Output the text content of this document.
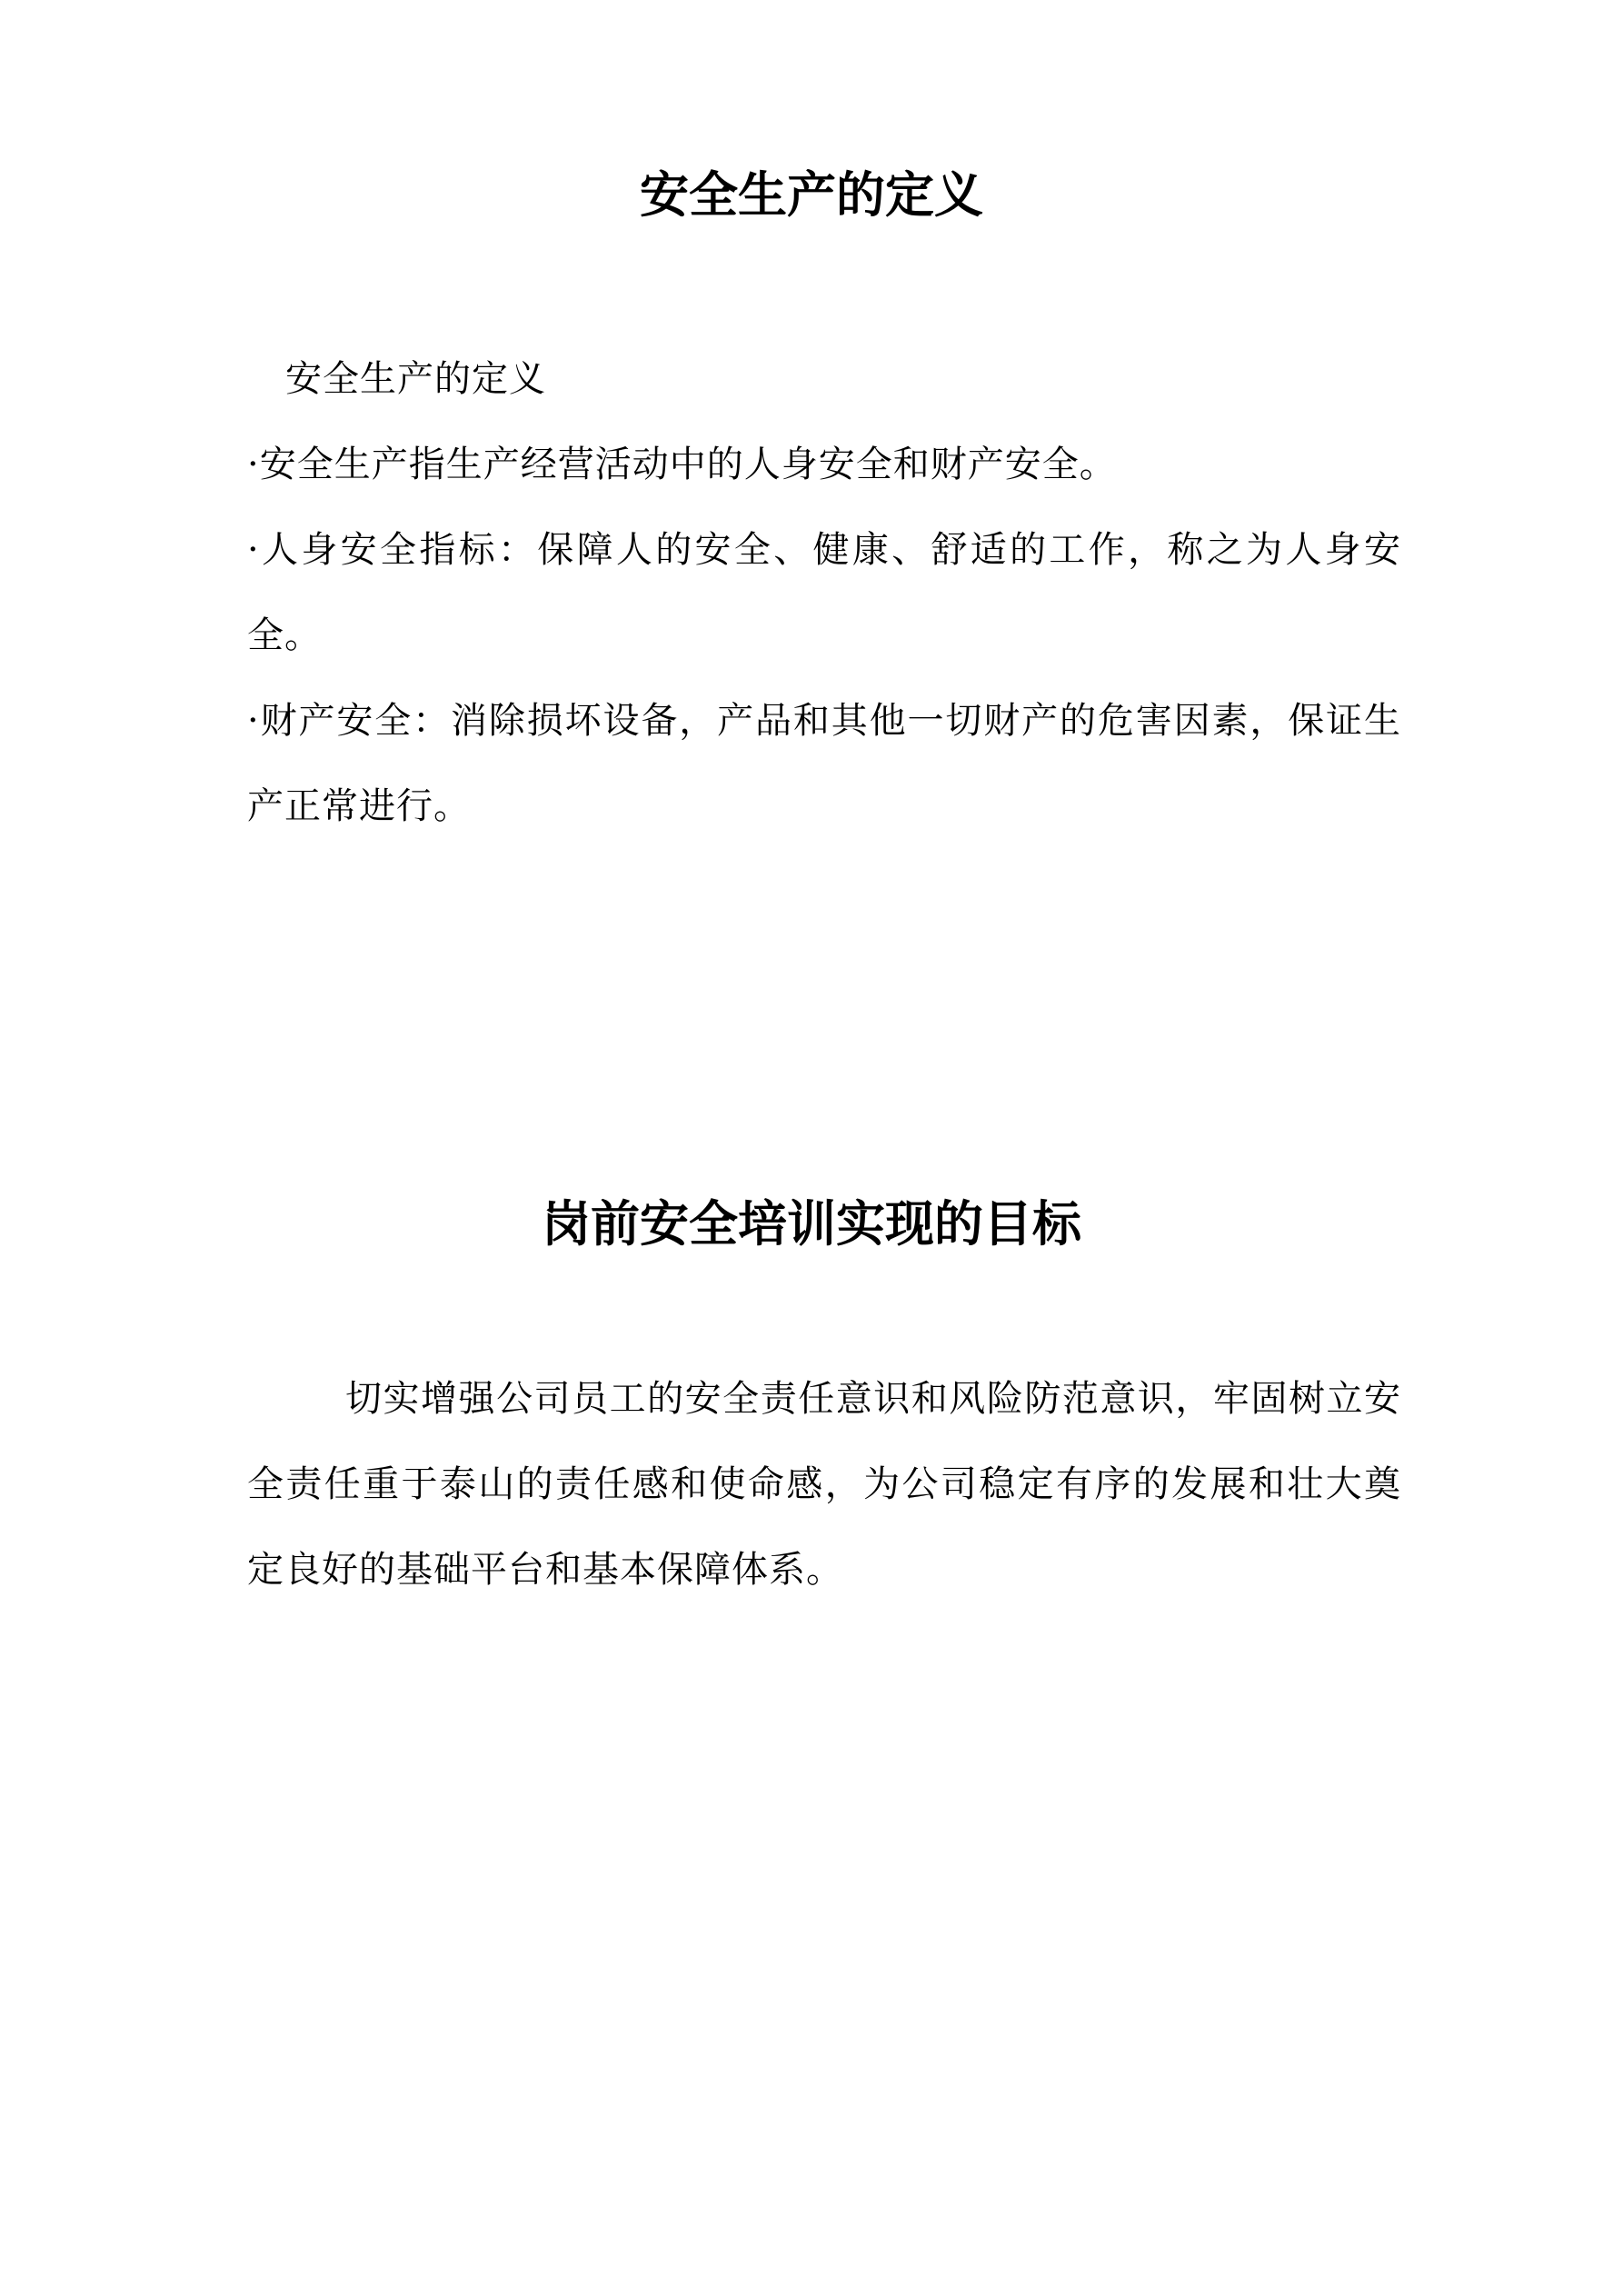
安全生产的定义

安全生产的定义

·安全生产指生产经营活动中的人身安全和财产安全。

·人身安全指标：保障人的安全、健康、舒适的工作，称之为人身安全。

·财产安全：消除损坏设备，产品和其他一切财产的危害因素，保证生产正常进行。

岗前安全培训实现的目标

切实增强公司员工的安全责任意识和风险防范意识，牢固树立安全责任重于泰山的责任感和使命感，为公司稳定有序的发展和壮大奠定良好的基础平台和基本保障体系。
